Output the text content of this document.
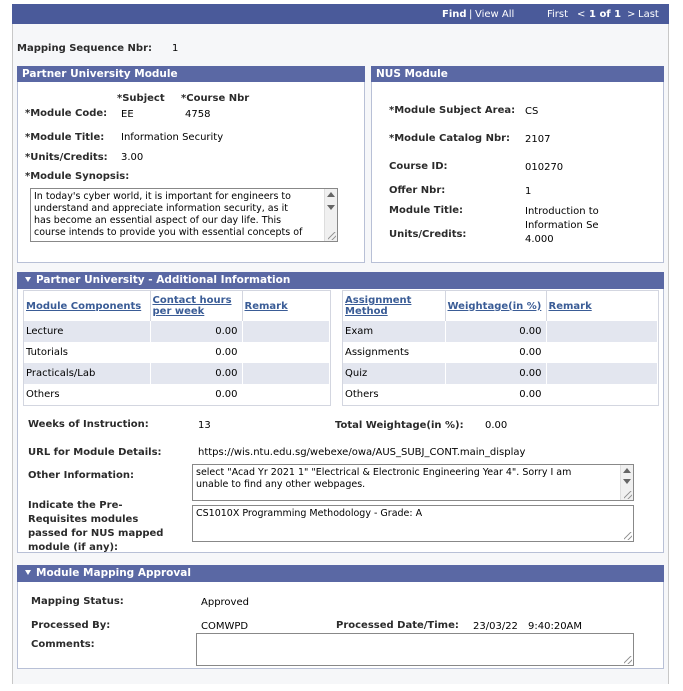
Find | View All	First < 1 of 1 > Last
Mapping Sequence Nbr: 1
Partner University Module
*Subject *Course Nbr
*Module Code: EE	4758
*Module Title: Information Security
*Units/Credits: 3.00
*Module Synopsis:
In today's cyber world, it is important for engineers to
understand and appreciate information security, as it
has become an essential aspect of our day life. This
course intends to provide you with essential concepts of
NUS Module
*Module Subject Area: CS
*Module Catalog Nbr: 2107
Course ID:	010270
Offer Nbr:	1
Module Title:	Introduction to
Information Se
Units/Credits:	4.000
Partner University - Additional Information
Module Components	Contact hours per week	Remark
Lecture	0.00	
Tutorials	0.00	
Practicals/Lab	0.00	
Others	0.00	
Assignment Method	Weightage(in %)	Remark
Exam	0.00	
Assignments	0.00	
Quiz	0.00	
Others	0.00	
Weeks of Instruction:	13	Total Weightage(in %): 0.00
URL for Module Details:	https://wis.ntu.edu.sg/webexe/owa/AUS_SUBJ_CONT.main_display
Other Information:	select "Acad Yr 2021 1" "Electrical & Electronic Engineering Year 4". Sorry I am
unable to find any other webpages.
Indicate the Pre-
Requisites modules
passed for NUS mapped
module (if any):
CS1010X Programming Methodology - Grade: A
Module Mapping Approval
Mapping Status:	Approved
Processed By:	COMWPD	Processed Date/Time: 23/03/22 9:40:20AM
Comments:
